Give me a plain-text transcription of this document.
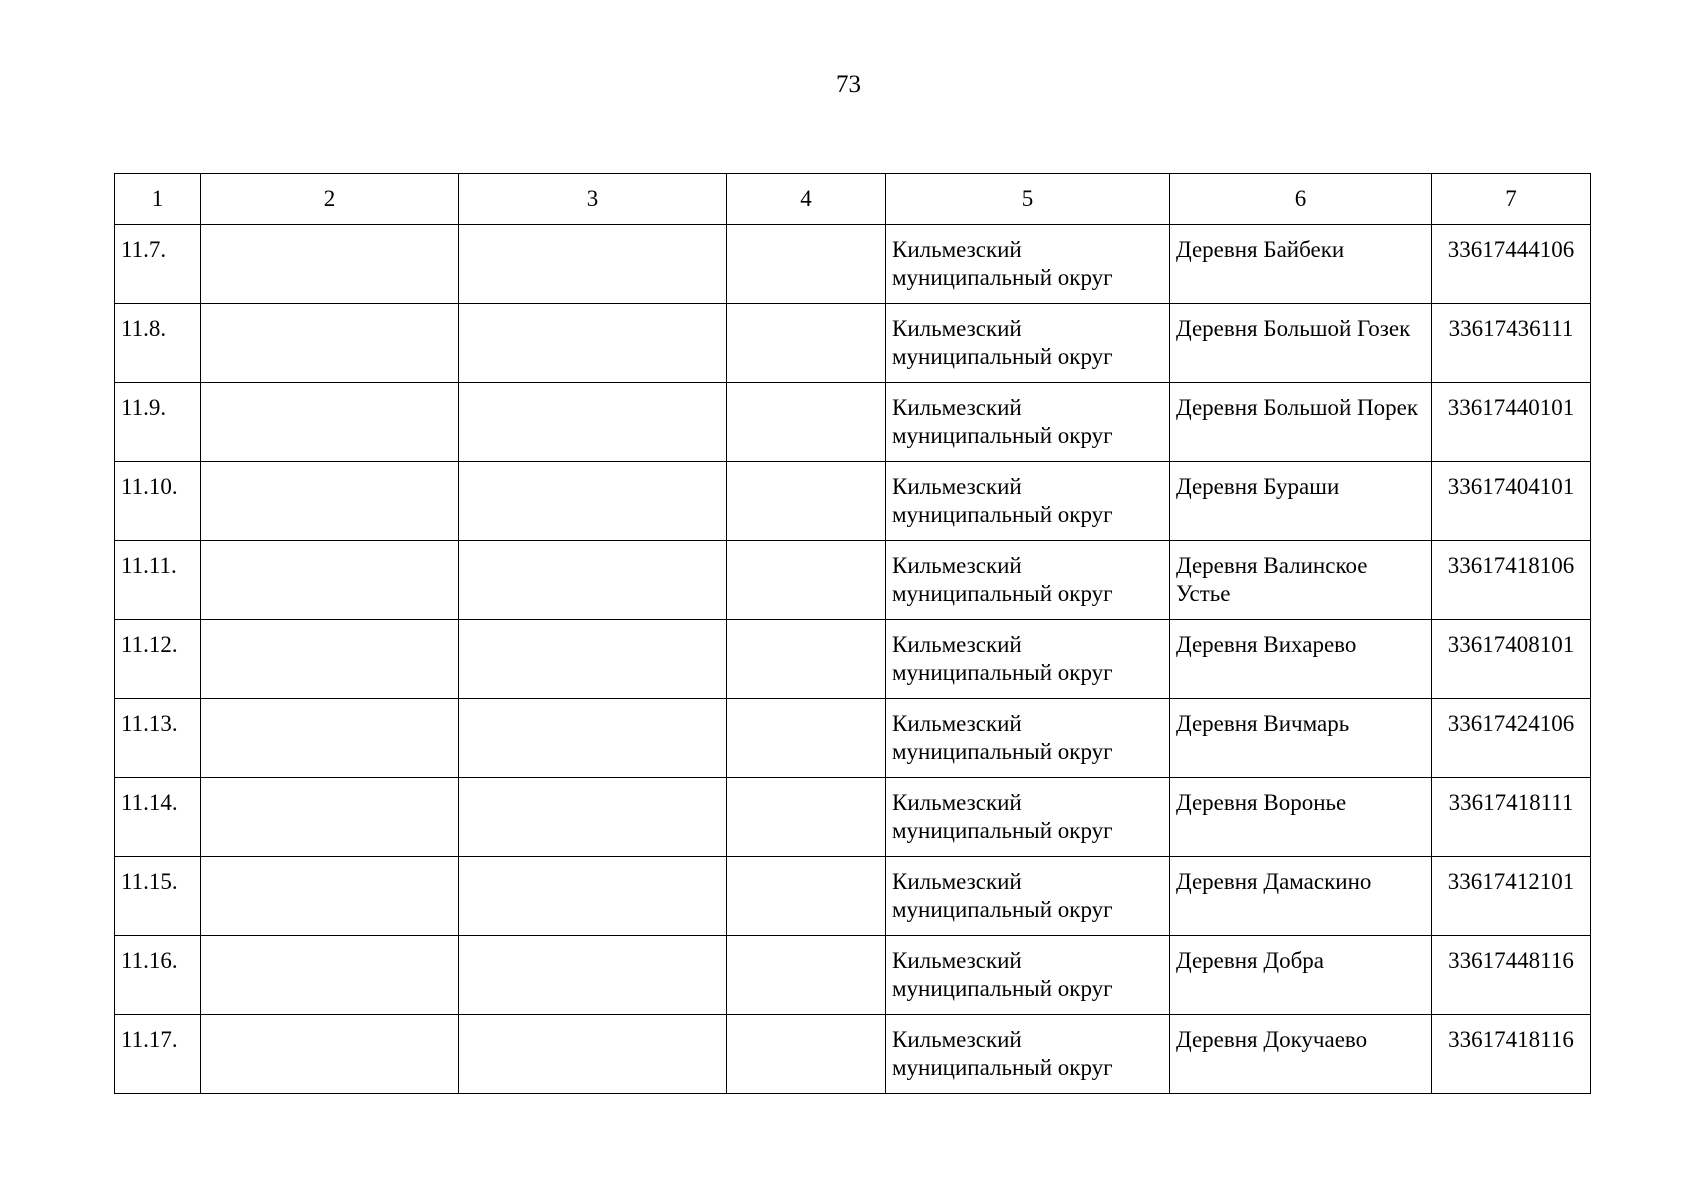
73
1	2	3	4	5	6	7
11.7.				Кильмезский муниципальный округ	Деревня Байбеки	33617444106
11.8.				Кильмезский муниципальный округ	Деревня Большой Гозек	33617436111
11.9.				Кильмезский муниципальный округ	Деревня Большой Порек	33617440101
11.10.				Кильмезский муниципальный округ	Деревня Бураши	33617404101
11.11.				Кильмезский муниципальный округ	Деревня Валинское Устье	33617418106
11.12.				Кильмезский муниципальный округ	Деревня Вихарево	33617408101
11.13.				Кильмезский муниципальный округ	Деревня Вичмарь	33617424106
11.14.				Кильмезский муниципальный округ	Деревня Воронье	33617418111
11.15.				Кильмезский муниципальный округ	Деревня Дамаскино	33617412101
11.16.				Кильмезский муниципальный округ	Деревня Добра	33617448116
11.17.				Кильмезский муниципальный округ	Деревня Докучаево	33617418116
